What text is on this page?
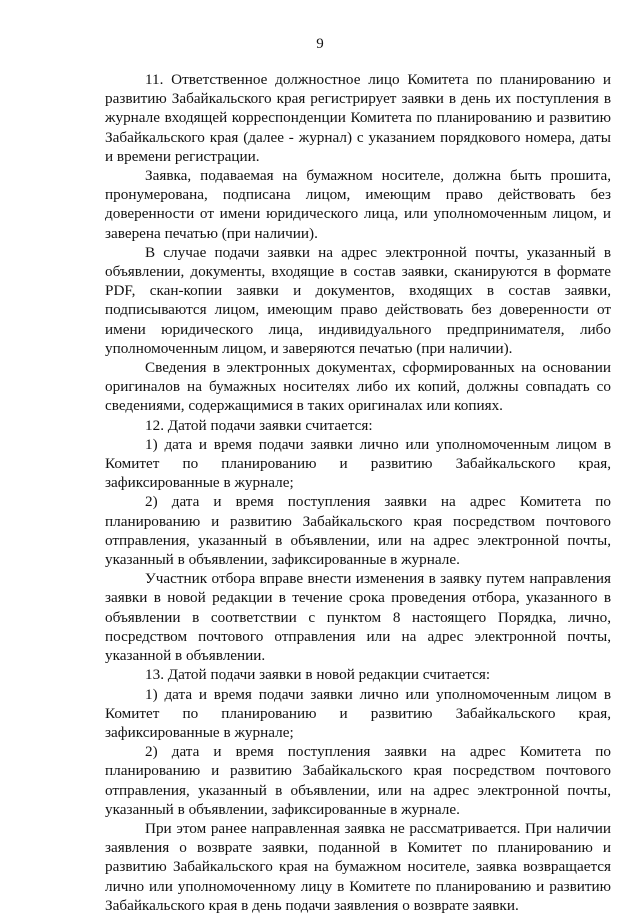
9

11. Ответственное должностное лицо Комитета по планированию и развитию Забайкальского края регистрирует заявки в день их поступления в журнале входящей корреспонденции Комитета по планированию и развитию Забайкальского края (далее - журнал) с указанием порядкового номера, даты и времени регистрации.

Заявка, подаваемая на бумажном носителе, должна быть прошита, пронумерована, подписана лицом, имеющим право действовать без доверенности от имени юридического лица, или уполномоченным лицом, и заверена печатью (при наличии).

В случае подачи заявки на адрес электронной почты, указанный в объявлении, документы, входящие в состав заявки, сканируются в формате PDF, скан-копии заявки и документов, входящих в состав заявки, подписываются лицом, имеющим право действовать без доверенности от имени юридического лица, индивидуального предпринимателя, либо уполномоченным лицом, и заверяются печатью (при наличии).

Сведения в электронных документах, сформированных на основании оригиналов на бумажных носителях либо их копий, должны совпадать со сведениями, содержащимися в таких оригиналах или копиях.

12. Датой подачи заявки считается:

1) дата и время подачи заявки лично или уполномоченным лицом в Комитет по планированию и развитию Забайкальского края, зафиксированные в журнале;

2) дата и время поступления заявки на адрес Комитета по планированию и развитию Забайкальского края посредством почтового отправления, указанный в объявлении, или на адрес электронной почты, указанный в объявлении, зафиксированные в журнале.

Участник отбора вправе внести изменения в заявку путем направления заявки в новой редакции в течение срока проведения отбора, указанного в объявлении в соответствии с пунктом 8 настоящего Порядка, лично, посредством почтового отправления или на адрес электронной почты, указанной в объявлении.

13. Датой подачи заявки в новой редакции считается:

1) дата и время подачи заявки лично или уполномоченным лицом в Комитет по планированию и развитию Забайкальского края, зафиксированные в журнале;

2) дата и время поступления заявки на адрес Комитета по планированию и развитию Забайкальского края посредством почтового отправления, указанный в объявлении, или на адрес электронной почты, указанный в объявлении, зафиксированные в журнале.

При этом ранее направленная заявка не рассматривается. При наличии заявления о возврате заявки, поданной в Комитет по планированию и развитию Забайкальского края на бумажном носителе, заявка возвращается лично или уполномоченному лицу в Комитете по планированию и развитию Забайкальского края в день подачи заявления о возврате заявки.
